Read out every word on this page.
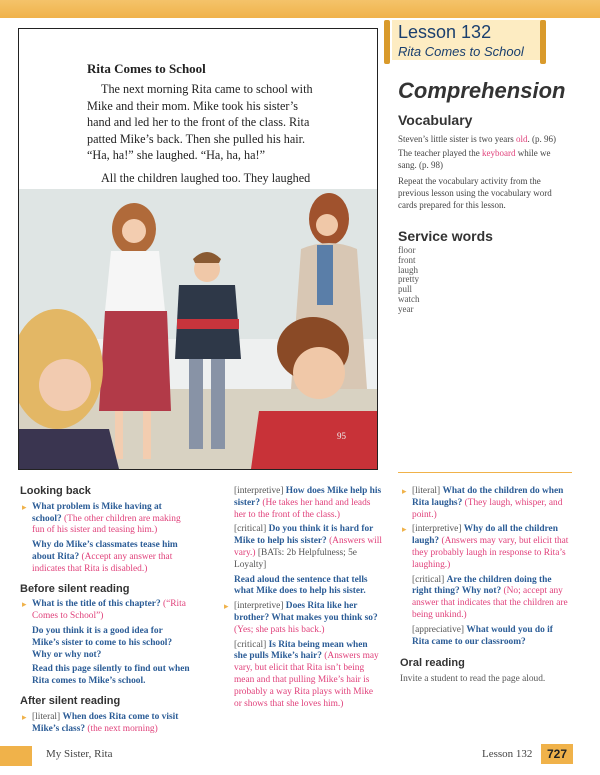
Rita Comes to School

The next morning Rita came to school with Mike and their mom. Mike took his sister’s hand and led her to the front of the class. Rita patted Mike’s back. Then she pulled his hair. “Ha, ha!” she laughed. “Ha, ha, ha!”

All the children laughed too. They laughed

95
Lesson 132
Rita Comes to School
Comprehension
Vocabulary
Steven’s little sister is two years old. (p. 96)
The teacher played the keyboard while we sang. (p. 98)
Repeat the vocabulary activity from the previous lesson using the vocabulary word cards prepared for this lesson.
Service words
floor
front
laugh
pretty
pull
watch
year
Looking back
▸ What problem is Mike having at school? (The other children are making fun of his sister and teasing him.)
Why do Mike’s classmates tease him about Rita? (Accept any answer that indicates that Rita is disabled.)
Before silent reading
▸ What is the title of this chapter? (“Rita Comes to School”)
Do you think it is a good idea for Mike’s sister to come to his school? Why or why not?
Read this page silently to find out when Rita comes to Mike’s school.
After silent reading
▸ [literal] When does Rita come to visit Mike’s class? (the next morning)
[interpretive] How does Mike help his sister? (He takes her hand and leads her to the front of the class.)
[critical] Do you think it is hard for Mike to help his sister? (Answers will vary.) [BATs: 2b Helpfulness; 5e Loyalty]
Read aloud the sentence that tells what Mike does to help his sister.
▸ [interpretive] Does Rita like her brother? What makes you think so? (Yes; she pats his back.)
[critical] Is Rita being mean when she pulls Mike’s hair? (Answers may vary, but elicit that Rita isn’t being mean and that pulling Mike’s hair is probably a way Rita plays with Mike or shows that she loves him.)
▸ [literal] What do the children do when Rita laughs? (They laugh, whisper, and point.)
▸ [interpretive] Why do all the children laugh? (Answers may vary, but elicit that they probably laugh in response to Rita’s laughing.)
[critical] Are the children doing the right thing? Why not? (No; accept any answer that indicates that the children are being unkind.)
[appreciative] What would you do if Rita came to our classroom?
Oral reading
Invite a student to read the page aloud.
My Sister, Rita	Lesson 132	727
